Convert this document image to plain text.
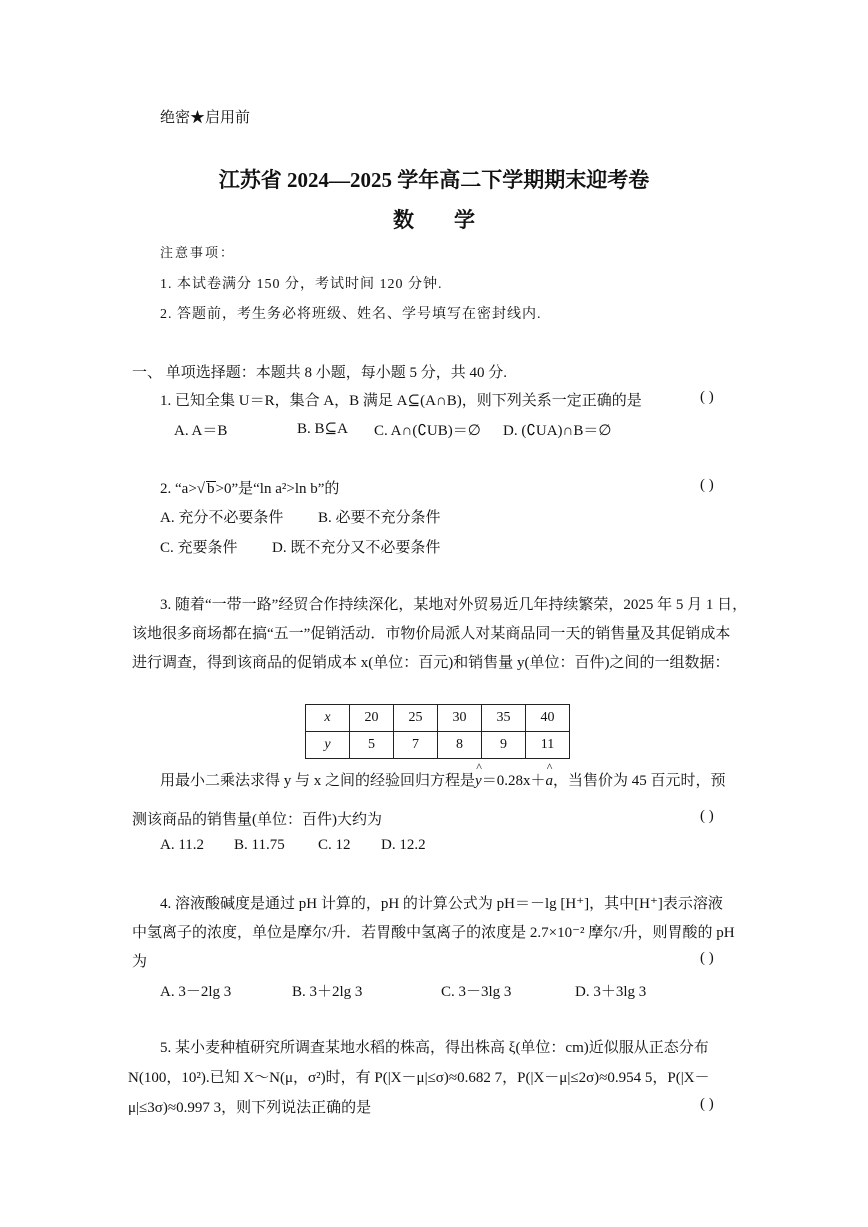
绝密★启用前
江苏省 2024—2025 学年高二下学期期末迎考卷
数学
注意事项：
1. 本试卷满分 150 分，考试时间 120 分钟.
2. 答题前，考生务必将班级、姓名、学号填写在密封线内.
一、 单项选择题：本题共 8 小题，每小题 5 分，共 40 分.
1. 已知全集 U＝R，集合 A，B 满足 A⊆(A∩B)，则下列关系一定正确的是	( )
A. A＝B	B. B⊆A C. A∩(∁UB)＝∅ D. (∁UA)∩B＝∅
2. “a>√ b>0”是“ln a²>ln b”的	( )
A. 充分不必要条件 B. 必要不充分条件
C. 充要条件 D. 既不充分又不必要条件
3. 随着“一带一路”经贸合作持续深化，某地对外贸易近几年持续繁荣，2025 年 5 月 1 日，
该地很多商场都在搞“五一”促销活动．市物价局派人对某商品同一天的销售量及其促销成本
进行调查，得到该商品的促销成本 x(单位：百元)和销售量 y(单位：百件)之间的一组数据：
x	20	25	30	35	40
y	5	7	8	9	11
用最小二乘法求得 y 与 x 之间的经验回归方程是^ y＝0.28x＋^ a，当售价为 45 百元时，预
测该商品的销售量(单位：百件)大约为	( )
A. 11.2 B. 11.75 C. 12 D. 12.2
4. 溶液酸碱度是通过 pH 计算的，pH 的计算公式为 pH＝－lg [H⁺]，其中[H⁺]表示溶液
中氢离子的浓度，单位是摩尔/升．若胃酸中氢离子的浓度是 2.7×10⁻² 摩尔/升，则胃酸的 pH
为	( )
A. 3－2lg 3	B. 3＋2lg 3	C. 3－3lg 3	D. 3＋3lg 3
5. 某小麦种植研究所调查某地水稻的株高，得出株高 ξ(单位：cm)近似服从正态分布
N(100，10²).已知 X～N(μ，σ²)时，有 P(|X－μ|≤σ)≈0.682 7，P(|X－μ|≤2σ)≈0.954 5，P(|X－
μ|≤3σ)≈0.997 3，则下列说法正确的是	( )
